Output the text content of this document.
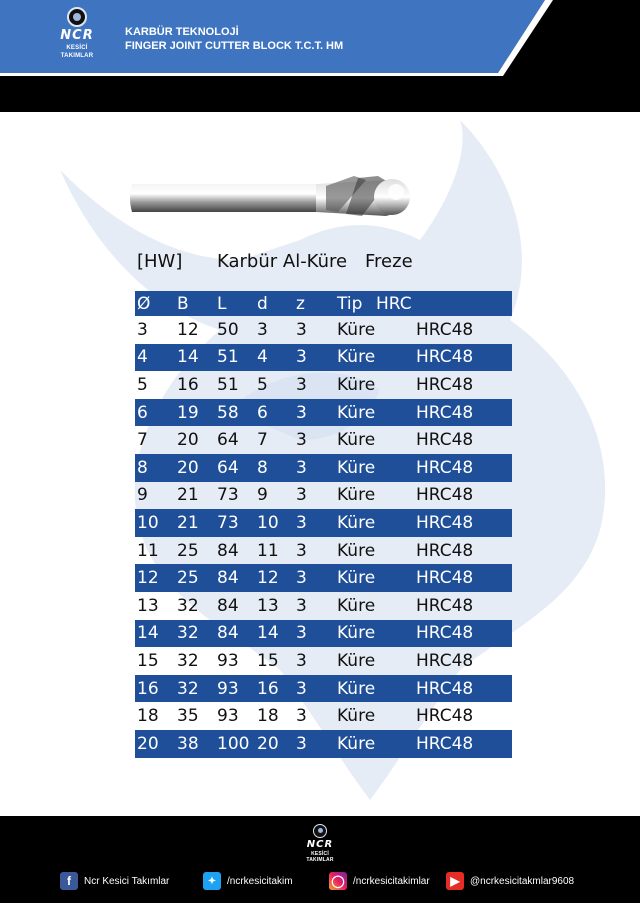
NCR
KESİCİ TAKIMLAR
KARBÜR TEKNOLOJİ
FINGER JOINT CUTTER BLOCK T.C.T. HM
[HW] Karbür Al-Küre Freze
Ø B L d z Tip HRC
3 12 50 3 3 Küre HRC48
4 14 51 4 3 Küre HRC48
5 16 51 5 3 Küre HRC48
6 19 58 6 3 Küre HRC48
7 20 64 7 3 Küre HRC48
8 20 64 8 3 Küre HRC48
9 21 73 9 3 Küre HRC48
10 21 73 10 3 Küre HRC48
11 25 84 11 3 Küre HRC48
12 25 84 12 3 Küre HRC48
13 32 84 13 3 Küre HRC48
14 32 84 14 3 Küre HRC48
15 32 93 15 3 Küre HRC48
16 32 93 16 3 Küre HRC48
18 35 93 18 3 Küre HRC48
20 38 100 20 3 Küre HRC48
NCR
KESİCİ TAKIMLAR
f	Ncr Kesici Takımlar	✦	/ncrkesicitakim	◯ /ncrkesicitakimlar	▶	@ncrkesicitakmlar9608
